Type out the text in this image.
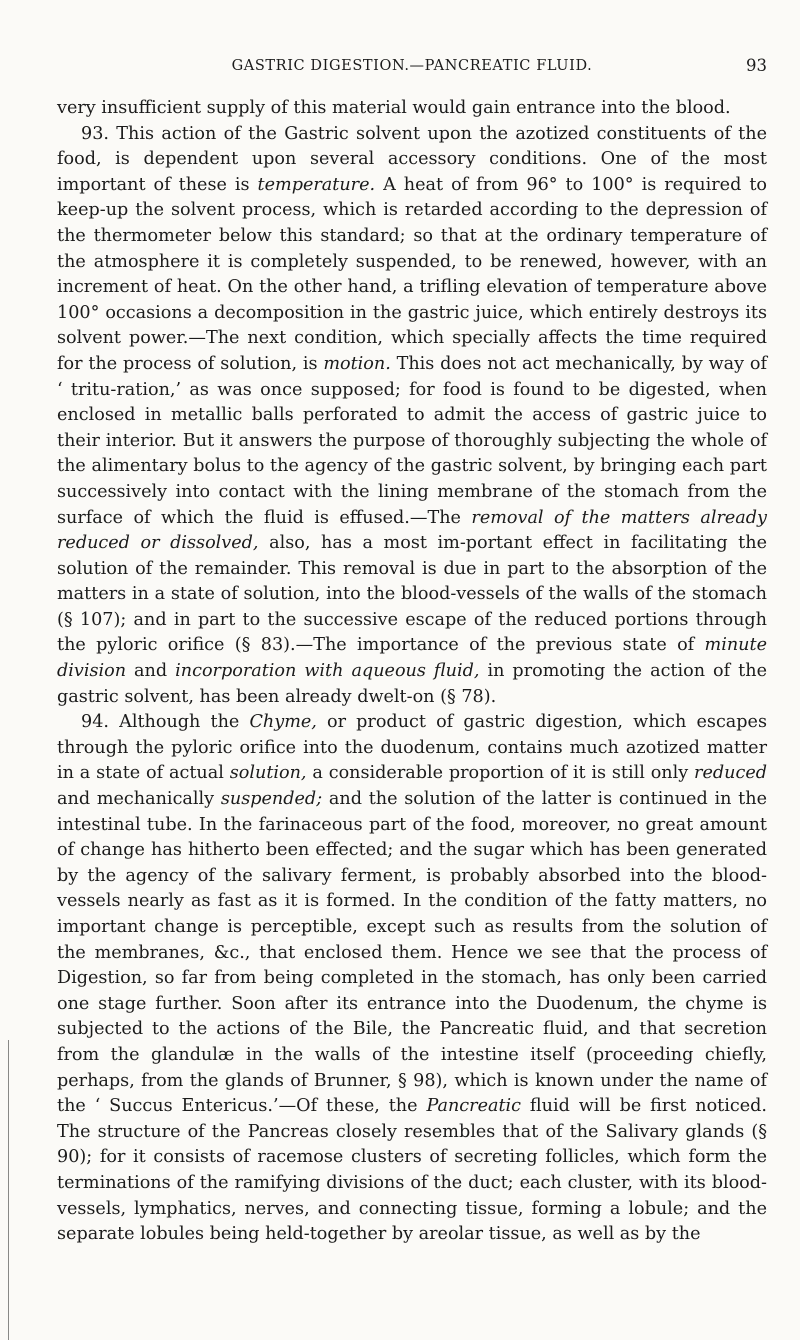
GASTRIC DIGESTION.—PANCREATIC FLUID.	93

very insufficient supply of this material would gain entrance into the blood.

93. This action of the Gastric solvent upon the azotized constituents of the food, is dependent upon several accessory conditions. One of the most important of these is temperature. A heat of from 96° to 100° is required to keep-up the solvent process, which is retarded according to the depression of the thermometer below this standard; so that at the ordinary temperature of the atmosphere it is completely suspended, to be renewed, however, with an increment of heat. On the other hand, a trifling elevation of temperature above 100° occasions a decomposition in the gastric juice, which entirely destroys its solvent power.—The next condition, which specially affects the time required for the process of solution, is motion. This does not act mechanically, by way of ‘ tritu-ration,’ as was once supposed; for food is found to be digested, when enclosed in metallic balls perforated to admit the access of gastric juice to their interior. But it answers the purpose of thoroughly subjecting the whole of the alimentary bolus to the agency of the gastric solvent, by bringing each part successively into contact with the lining membrane of the stomach from the surface of which the fluid is effused.—The removal of the matters already reduced or dissolved, also, has a most im-portant effect in facilitating the solution of the remainder. This removal is due in part to the absorption of the matters in a state of solution, into the blood-vessels of the walls of the stomach (§ 107); and in part to the successive escape of the reduced portions through the pyloric orifice (§ 83).—The importance of the previous state of minute division and incorporation with aqueous fluid, in promoting the action of the gastric solvent, has been already dwelt-on (§ 78).

94. Although the Chyme, or product of gastric digestion, which escapes through the pyloric orifice into the duodenum, contains much azotized matter in a state of actual solution, a considerable proportion of it is still only reduced and mechanically suspended; and the solution of the latter is continued in the intestinal tube. In the farinaceous part of the food, moreover, no great amount of change has hitherto been effected; and the sugar which has been generated by the agency of the salivary ferment, is probably absorbed into the blood-vessels nearly as fast as it is formed. In the condition of the fatty matters, no important change is perceptible, except such as results from the solution of the membranes, &c., that enclosed them. Hence we see that the process of Digestion, so far from being completed in the stomach, has only been carried one stage further. Soon after its entrance into the Duodenum, the chyme is subjected to the actions of the Bile, the Pancreatic fluid, and that secretion from the glandulæ in the walls of the intestine itself (proceeding chiefly, perhaps, from the glands of Brunner, § 98), which is known under the name of the ‘ Succus Entericus.’—Of these, the Pancreatic fluid will be first noticed. The structure of the Pancreas closely resembles that of the Salivary glands (§ 90); for it consists of racemose clusters of secreting follicles, which form the terminations of the ramifying divisions of the duct; each cluster, with its blood-vessels, lymphatics, nerves, and connecting tissue, forming a lobule; and the separate lobules being held-together by areolar tissue, as well as by the
